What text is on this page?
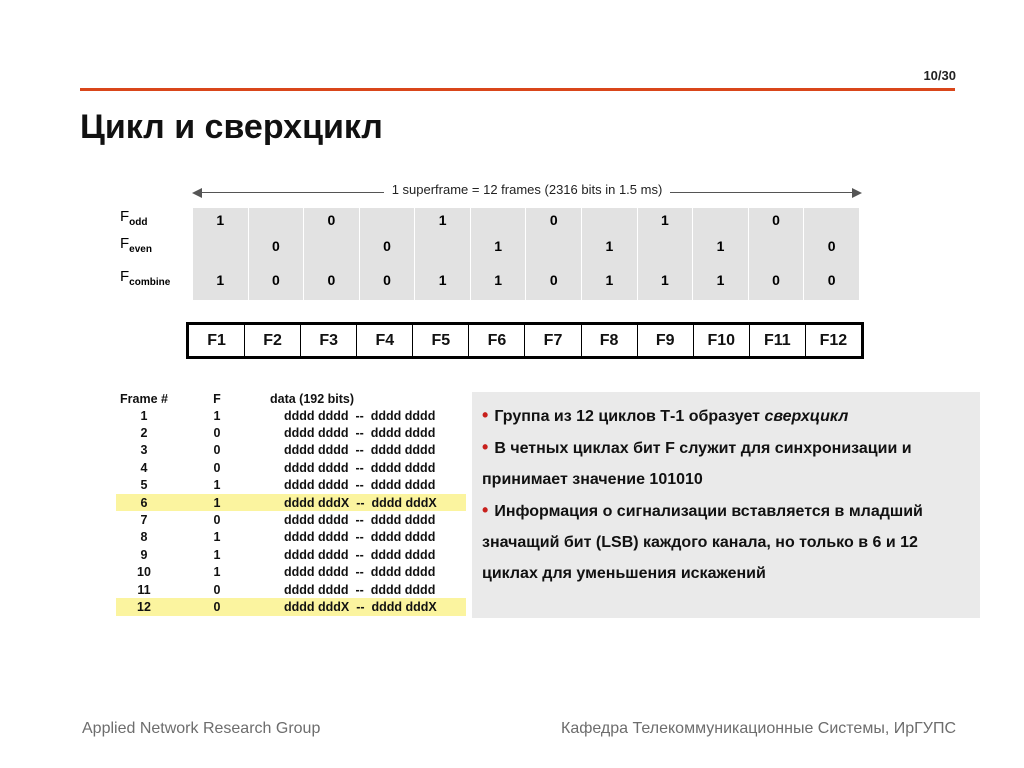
10/30
Цикл и сверхцикл
1 superframe = 12 frames (2316 bits in 1.5 ms)
$F_{odd}$
$F_{even}$
$F_{combine}$
1		0		1		0		1		0	
	0		0		1		1		1		0
1	0	0	0	1	1	0	1	1	1	0	0
F1	F2	F3	F4	F5	F6	F7	F8	F9	F10	F11	F12
Frame #	F	data (192 bits)
1	1	dddd dddd  --  dddd dddd
2	0	dddd dddd  --  dddd dddd
3	0	dddd dddd  --  dddd dddd
4	0	dddd dddd  --  dddd dddd
5	1	dddd dddd  --  dddd dddd
6	1	dddd dddX  --  dddd dddX
7	0	dddd dddd  --  dddd dddd
8	1	dddd dddd  --  dddd dddd
9	1	dddd dddd  --  dddd dddd
10	1	dddd dddd  --  dddd dddd
11	0	dddd dddd  --  dddd dddd
12	0	dddd dddX  --  dddd dddX

• Группа из 12 циклов Т-1 образует сверхцикл

• В четных циклах бит F служит для синхронизации и принимает значение 101010

• Информация о сигнализации вставляется в младший значащий бит (LSB) каждого канала, но только в 6 и 12 циклах для уменьшения искажений

Applied Network Research Group	Кафедра Телекоммуникационные Системы, ИрГУПС
